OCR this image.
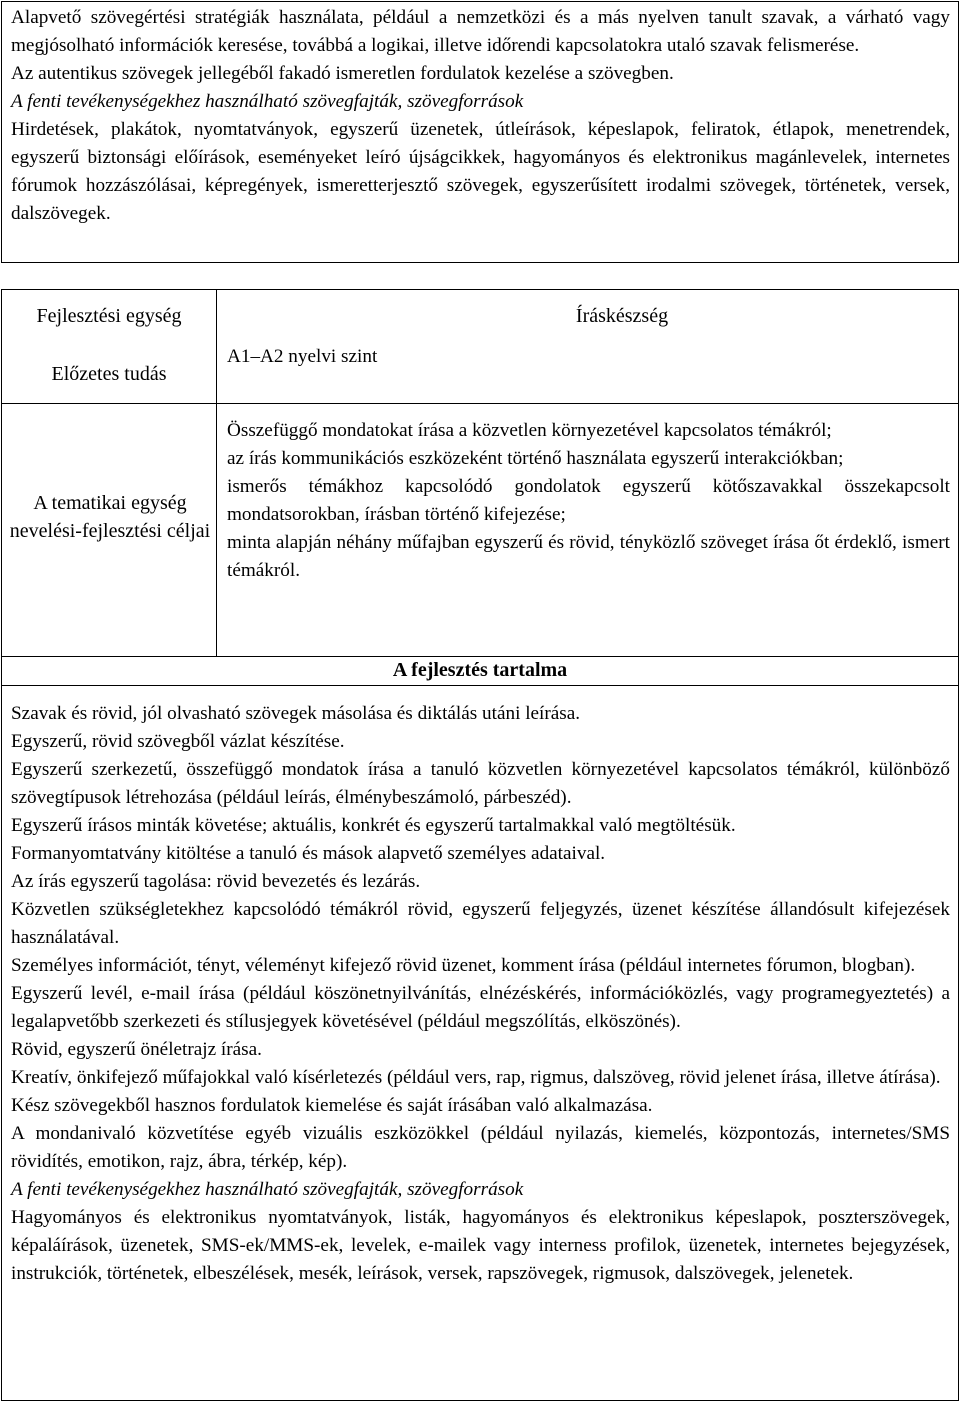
Alapvető szövegértési stratégiák használata, például a nemzetközi és a más nyelven tanult szavak, a várható vagy megjósolható információk keresése, továbbá a logikai, illetve időrendi kapcsolatokra utaló szavak felismerése.

Az autentikus szövegek jellegéből fakadó ismeretlen fordulatok kezelése a szövegben.

A fenti tevékenységekhez használható szövegfajták, szövegforrások

Hirdetések, plakátok, nyomtatványok, egyszerű üzenetek, útleírások, képeslapok, feliratok, étlapok, menetrendek, egyszerű biztonsági előírások, eseményeket leíró újságcikkek, hagyományos és elektronikus magánlevelek, internetes fórumok hozzászólásai, képregények, ismeretterjesztő szövegek, egyszerűsített irodalmi szövegek, történetek, versek, dalszövegek.

Fejlesztési egység	Íráskészség
Előzetes tudás
A1–A2 nyelvi szint
A tematikai egység nevelési-fejlesztési céljai

Összefüggő mondatokat írása a közvetlen környezetével kapcsolatos témákról;

az írás kommunikációs eszközeként történő használata egyszerű interakciókban;

ismerős témákhoz kapcsolódó gondolatok egyszerű kötőszavakkal összekapcsolt mondatsorokban, írásban történő kifejezése;

minta alapján néhány műfajban egyszerű és rövid, tényközlő szöveget írása őt érdeklő, ismert témákról.

A fejlesztés tartalma

Szavak és rövid, jól olvasható szövegek másolása és diktálás utáni leírása.

Egyszerű, rövid szövegből vázlat készítése.

Egyszerű szerkezetű, összefüggő mondatok írása a tanuló közvetlen környezetével kapcsolatos témákról, különböző szövegtípusok létrehozása (például leírás, élménybeszámoló, párbeszéd).

Egyszerű írásos minták követése; aktuális, konkrét és egyszerű tartalmakkal való megtöltésük.

Formanyomtatvány kitöltése a tanuló és mások alapvető személyes adataival.

Az írás egyszerű tagolása: rövid bevezetés és lezárás.

Közvetlen szükségletekhez kapcsolódó témákról rövid, egyszerű feljegyzés, üzenet készítése állandósult kifejezések használatával.

Személyes információt, tényt, véleményt kifejező rövid üzenet, komment írása (például internetes fórumon, blogban).

Egyszerű levél, e-mail írása (például köszönetnyilvánítás, elnézéskérés, információközlés, vagy programegyeztetés) a legalapvetőbb szerkezeti és stílusjegyek követésével (például megszólítás, elköszönés).

Rövid, egyszerű önéletrajz írása.

Kreatív, önkifejező műfajokkal való kísérletezés (például vers, rap, rigmus, dalszöveg, rövid jelenet írása, illetve átírása).

Kész szövegekből hasznos fordulatok kiemelése és saját írásában való alkalmazása.

A mondanivaló közvetítése egyéb vizuális eszközökkel (például nyilazás, kiemelés, központozás, internetes/SMS rövidítés, emotikon, rajz, ábra, térkép, kép).

A fenti tevékenységekhez használható szövegfajták, szövegforrások

Hagyományos és elektronikus nyomtatványok, listák, hagyományos és elektronikus képeslapok, poszterszövegek, képaláírások, üzenetek, SMS-ek/MMS-ek, levelek, e-mailek vagy interness profilok, üzenetek, internetes bejegyzések, instrukciók, történetek, elbeszélések, mesék, leírások, versek, rapszövegek, rigmusok, dalszövegek, jelenetek.
